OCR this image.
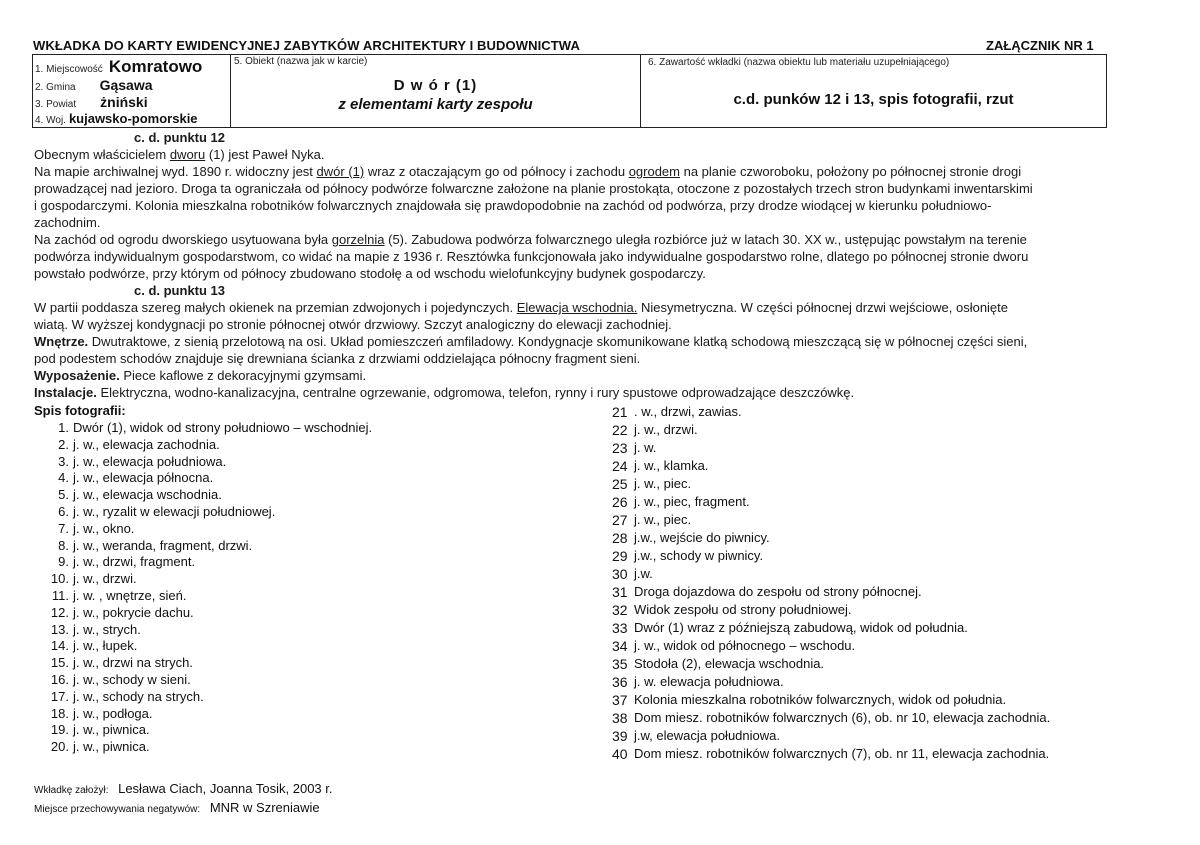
WKŁADKA DO KARTY EWIDENCYJNEJ ZABYTKÓW ARCHITEKTURY I BUDOWNICTWA	ZAŁĄCZNIK NR 1
1. Miejscowość Komratowo
2. Gmina Gąsawa
3. Powiat żniński
4. Woj. kujawsko-pomorskie
5. Obiekt (nazwa jak w karcie)
D w ó r (1)
z elementami karty zespołu
6. Zawartość wkładki (nazwa obiektu lub materiału uzupełniającego)
c.d. punków 12 i 13, spis fotografii, rzut

c. d. punktu 12

Obecnym właścicielem dworu (1) jest Paweł Nyka.

Na mapie archiwalnej wyd. 1890 r. widoczny jest dwór (1) wraz z otaczającym go od północy i zachodu ogrodem na planie czworoboku, położony po północnej stronie drogi

prowadzącej nad jezioro. Droga ta ograniczała od północy podwórze folwarczne założone na planie prostokąta, otoczone z pozostałych trzech stron budynkami inwentarskimi

i gospodarczymi. Kolonia mieszkalna robotników folwarcznych znajdowała się prawdopodobnie na zachód od podwórza, przy drodze wiodącej w kierunku południowo-

zachodnim.

Na zachód od ogrodu dworskiego usytuowana była gorzelnia (5). Zabudowa podwórza folwarcznego uległa rozbiórce już w latach 30. XX w., ustępując powstałym na terenie

podwórza indywidualnym gospodarstwom, co widać na mapie z 1936 r. Resztówka funkcjonowała jako indywidualne gospodarstwo rolne, dlatego po północnej stronie dworu

powstało podwórze, przy którym od północy zbudowano stodołę a od wschodu wielofunkcyjny budynek gospodarczy.

c. d. punktu 13

W partii poddasza szereg małych okienek na przemian zdwojonych i pojedynczych. Elewacja wschodnia. Niesymetryczna. W części północnej drzwi wejściowe, osłonięte

wiatą. W wyższej kondygnacji po stronie północnej otwór drzwiowy. Szczyt analogiczny do elewacji zachodniej.

Wnętrze. Dwutraktowe, z sienią przelotową na osi. Układ pomieszczeń amfiladowy. Kondygnacje skomunikowane klatką schodową mieszczącą się w północnej części sieni,

pod podestem schodów znajduje się drewniana ścianka z drzwiami oddzielająca północny fragment sieni.

Wyposażenie. Piece kaflowe z dekoracyjnymi gzymsami.

Instalacje. Elektryczna, wodno-kanalizacyjna, centralne ogrzewanie, odgromowa, telefon, rynny i rury spustowe odprowadzające deszczówkę.

Spis fotografii:
1. Dwór (1), widok od strony południowo – wschodniej.
2. j. w., elewacja zachodnia.
3. j. w., elewacja południowa.
4. j. w., elewacja północna.
5. j. w., elewacja wschodnia.
6. j. w., ryzalit w elewacji południowej.
7. j. w., okno.
8. j. w., weranda, fragment, drzwi.
9. j. w., drzwi, fragment.
10. j. w., drzwi.
11. j. w. , wnętrze, sień.
12. j. w., pokrycie dachu.
13. j. w., strych.
14. j. w., łupek.
15. j. w., drzwi na strych.
16. j. w., schody w sieni.
17. j. w., schody na strych.
18. j. w., podłoga.
19. j. w., piwnica.
20. j. w., piwnica.
21 . w., drzwi, zawias.
22 j. w., drzwi.
23 j. w.
24 j. w., klamka.
25 j. w., piec.
26 j. w., piec, fragment.
27 j. w., piec.
28 j.w., wejście do piwnicy.
29 j.w., schody w piwnicy.
30 j.w.
31 Droga dojazdowa do zespołu od strony północnej.
32 Widok zespołu od strony południowej.
33 Dwór (1) wraz z późniejszą zabudową, widok od południa.
34 j. w., widok od północnego – wschodu.
35 Stodoła (2), elewacja wschodnia.
36 j. w. elewacja południowa.
37 Kolonia mieszkalna robotników folwarcznych, widok od południa.
38 Dom miesz. robotników folwarcznych (6), ob. nr 10, elewacja zachodnia.
39 j.w, elewacja południowa.
40 Dom miesz. robotników folwarcznych (7), ob. nr 11, elewacja zachodnia.
Wkładkę założył: Lesława Ciach, Joanna Tosik, 2003 r.
Miejsce przechowywania negatywów: MNR w Szreniawie
